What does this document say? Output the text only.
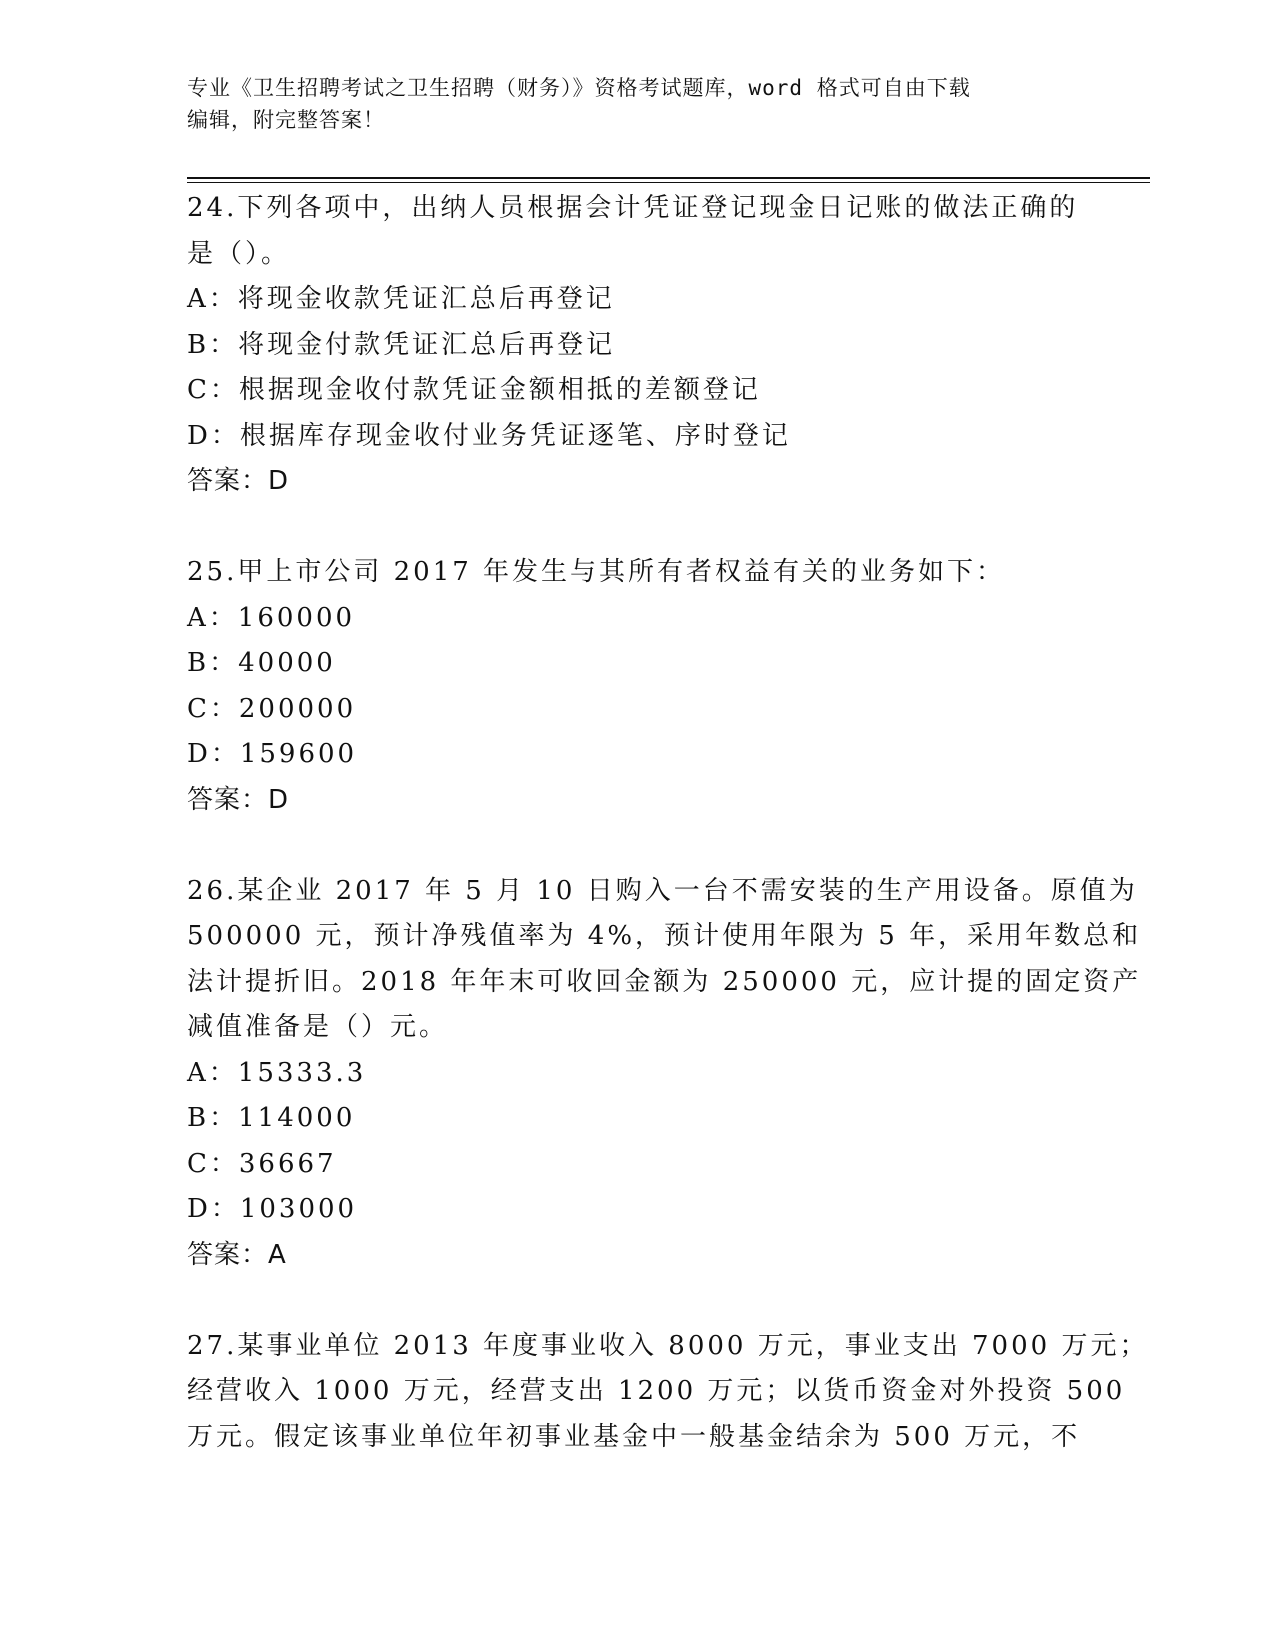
专业《卫生招聘考试之卫生招聘（财务）》资格考试题库，word 格式可自由下载
编辑，附完整答案！
24.下列各项中，出纳人员根据会计凭证登记现金日记账的做法正确的
是（）。
A：将现金收款凭证汇总后再登记
B：将现金付款凭证汇总后再登记
C：根据现金收付款凭证金额相抵的差额登记
D：根据库存现金收付业务凭证逐笔、序时登记
答案：D
25.甲上市公司 2017 年发生与其所有者权益有关的业务如下：
A：160000
B：40000
C：200000
D：159600
答案：D
26.某企业 2017 年 5 月 10 日购入一台不需安装的生产用设备。原值为
500000 元，预计净残值率为 4%，预计使用年限为 5 年，采用年数总和
法计提折旧。2018 年年末可收回金额为 250000 元，应计提的固定资产
减值准备是（）元。
A：15333.3
B：114000
C：36667
D：103000
答案：A
27.某事业单位 2013 年度事业收入 8000 万元，事业支出 7000 万元；
经营收入 1000 万元，经营支出 1200 万元；以货币资金对外投资 500
万元。假定该事业单位年初事业基金中一般基金结余为 500 万元，不
